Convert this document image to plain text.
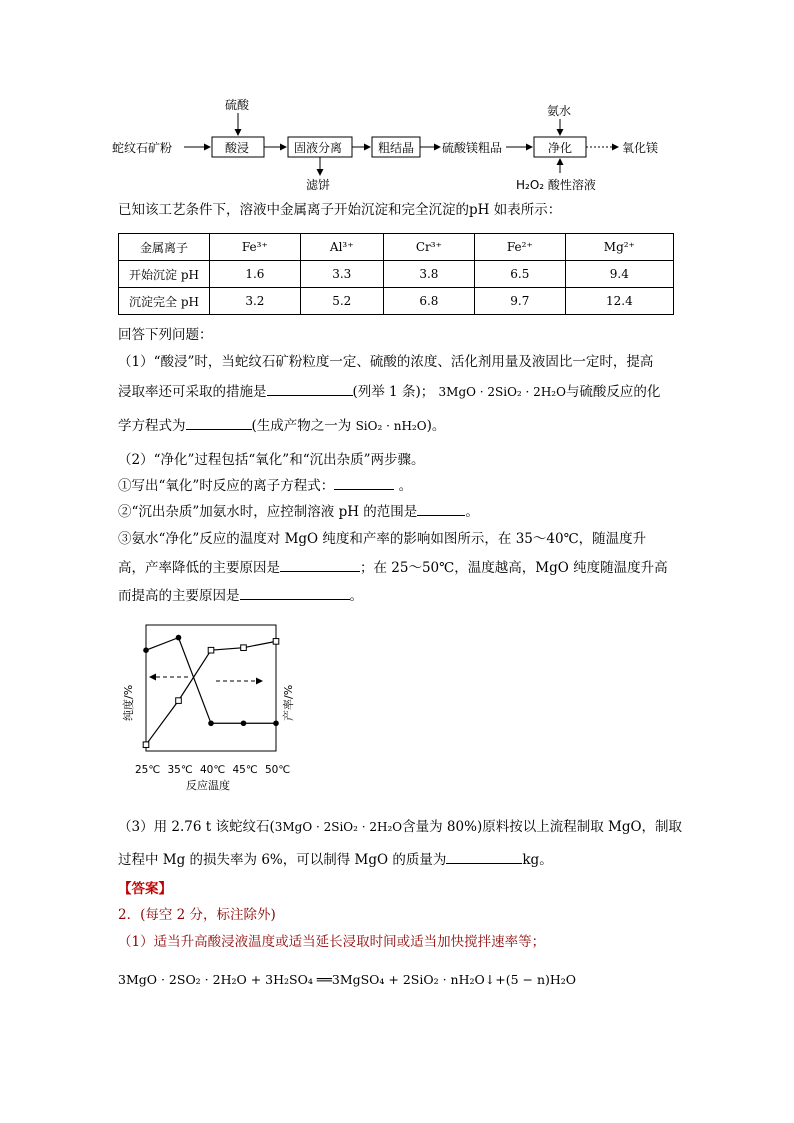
蛇纹石矿粉	酸浸
硫酸
固液分离
滤饼
粗结晶 硫酸镁粗品	净化
氨水
H₂O₂ 酸性溶液
氧化镁
已知该工艺条件下，溶液中金属离子开始沉淀和完全沉淀的pH 如表所示：
金属离子	Fe³⁺	Al³⁺	Cr³⁺	Fe²⁺	Mg²⁺
开始沉淀 pH	1.6	3.3	3.8	6.5	9.4
沉淀完全 pH	3.2	5.2	6.8	9.7	12.4
回答下列问题：
（1）“酸浸”时，当蛇纹石矿粉粒度一定、硫酸的浓度、活化剂用量及液固比一定时，提高
浸取率还可采取的措施是	(列举 1 条)； 3MgO · 2SiO₂ · 2H₂O与硫酸反应的化
学方程式为	(生成产物之一为 SiO₂ · nH₂O)。
（2）“净化”过程包括“氧化”和“沉出杂质”两步骤。
①写出“氧化”时反应的离子方程式：	。
②“沉出杂质”加氨水时，应控制溶液 pH 的范围是	。
③氨水“净化”反应的温度对 MgO 纯度和产率的影响如图所示，在 35～40℃，随温度升
高，产率降低的主要原因是	；在 25～50℃，温度越高，MgO 纯度随温度升高
而提高的主要原因是	。
纯度/%	产率/%
反应温度
25℃ 35℃ 40℃ 45℃ 50℃
（3）用 2.76 t 该蛇纹石(3MgO · 2SiO₂ · 2H₂O含量为 80%)原料按以上流程制取 MgO，制取
过程中 Mg 的损失率为 6%，可以制得 MgO 的质量为	kg。
【答案】
2．(每空 2 分，标注除外)
（1）适当升高酸浸液温度或适当延长浸取时间或适当加快搅拌速率等；
3MgO · 2SO₂ · 2H₂O + 3H₂SO₄ ══3MgSO₄ + 2SiO₂ · nH₂O↓+(5 − n)H₂O
